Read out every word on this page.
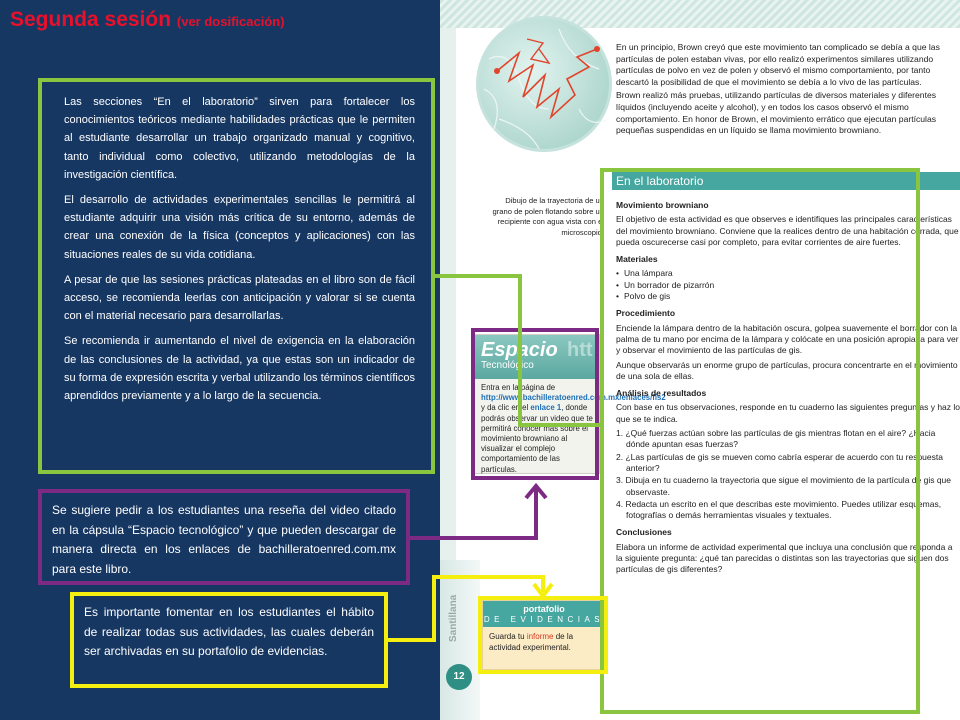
Segunda sesión (ver dosificación)

Las secciones “En el laboratorio” sirven para fortalecer los conocimientos teóricos mediante habilidades prácticas que le permiten al estudiante desarrollar un trabajo organizado manual y cognitivo, tanto individual como colectivo, utilizando metodologías de la investigación científica.

El desarrollo de actividades experimentales sencillas le permitirá al estudiante adquirir una visión más crítica de su entorno, además de crear una conexión de la física (conceptos y aplicaciones) con las situaciones reales de su vida cotidiana.

A pesar de que las sesiones prácticas plateadas en el libro son de fácil acceso, se recomienda leerlas con anticipación y valorar si se cuenta con el material necesario para desarrollarlas.

Se recomienda ir aumentando el nivel de exigencia en la elaboración de las conclusiones de la actividad, ya que estas son un indicador de su forma de expresión escrita y verbal utilizando los términos científicos aprendidos previamente y a lo largo de la secuencia.

Se sugiere pedir a los estudiantes una reseña del video citado en la cápsula “Espacio tecnológico” y que pueden descargar de manera directa en los enlaces de bachilleratoenred.com.mx para este libro.

Es importante fomentar en los estudiantes el hábito de realizar todas sus actividades, las cuales deberán ser archivadas en su portafolio de evidencias.

Santillana
12

En un principio, Brown creyó que este movimiento tan complicado se debía a que las partículas de polen estaban vivas, por ello realizó experimentos similares utilizando partículas de polvo en vez de polen y observó el mismo comportamiento, por tanto descartó la posibilidad de que el movimiento se debía a lo vivo de las partículas.

Brown realizó más pruebas, utilizando partículas de diversos materiales y diferentes líquidos (incluyendo aceite y alcohol), y en todos los casos observó el mismo comportamiento. En honor de Brown, el movimiento errático que ejecutan partículas pequeñas suspendidas en un líquido se llama movimiento browniano.

Dibujo de la trayectoria de un grano de polen flotando sobre un recipiente con agua vista con el microscopio.
Espacio
Tecnológico
htt
Entra en la página de http://www.bachilleratoenred.com.mx/enlaces/fis2 y da clic en el enlace 1, donde podrás observar un video que te permitirá conocer más sobre el movimiento browniano al visualizar el complejo comportamiento de las partículas.
En el laboratorio
Movimiento browniano

El objetivo de esta actividad es que observes e identifiques las principales características del movimiento browniano. Conviene que la realices dentro de una habitación cerrada, que pueda oscurecerse casi por completo, para evitar corrientes de aire fuertes.

Materiales
• Una lámpara
• Un borrador de pizarrón
• Polvo de gis
Procedimiento

Enciende la lámpara dentro de la habitación oscura, golpea suavemente el borrador con la palma de tu mano por encima de la lámpara y colócate en una posición apropiada para ver y observar el movimiento de las partículas de gis.

Aunque observarás un enorme grupo de partículas, procura concentrarte en el movimiento de una sola de ellas.

Análisis de resultados

Con base en tus observaciones, responde en tu cuaderno las siguientes preguntas y haz lo que se te indica.

1. ¿Qué fuerzas actúan sobre las partículas de gis mientras flotan en el aire? ¿Hacia dónde apuntan esas fuerzas?
2. ¿Las partículas de gis se mueven como cabría esperar de acuerdo con tu respuesta anterior?
3. Dibuja en tu cuaderno la trayectoria que sigue el movimiento de la partícula de gis que observaste.
4. Redacta un escrito en el que describas este movimiento. Puedes utilizar esquemas, fotografías o demás herramientas visuales y textuales.
Conclusiones

Elabora un informe de actividad experimental que incluya una conclusión que responda a la siguiente pregunta: ¿qué tan parecidas o distintas son las trayectorias que siguen dos partículas de gis diferentes?

portafolio
DE EVIDENCIAS
Guarda tu informe de la actividad experimental.
